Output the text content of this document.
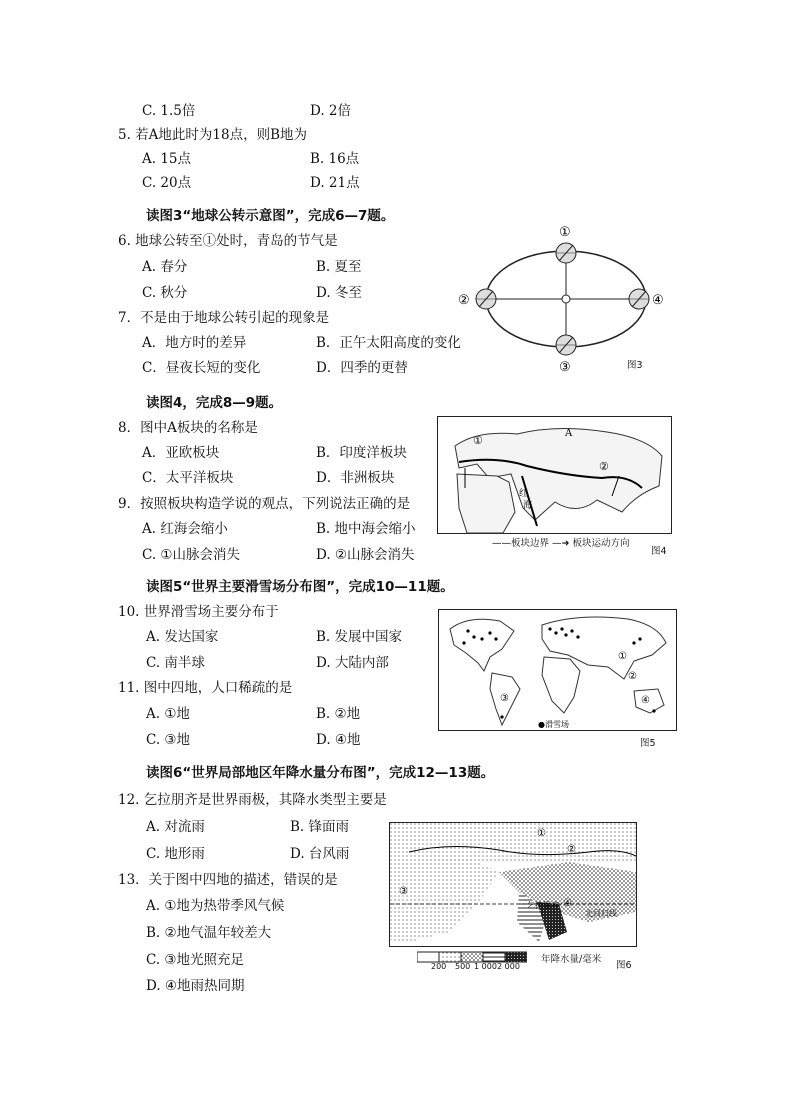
C. 1.5倍	D. 2倍
5. 若A地此时为18点，则B地为
A. 15点	B. 16点
C. 20点	D. 21点
读图3“地球公转示意图”，完成6—7题。
6. 地球公转至①处时，青岛的节气是
A. 春分	B. 夏至
C. 秋分	D. 冬至
7．不是由于地球公转引起的现象是
A．地方时的差异	B．正午太阳高度的变化
C．昼夜长短的变化	D．四季的更替
①
②
③
④
图3
读图4，完成8—9题。
8．图中A板块的名称是
A．亚欧板块	B．印度洋板块
C．太平洋板块	D．非洲板块
9．按照板块构造学说的观点，下列说法正确的是
A. 红海会缩小	B. 地中海会缩小
C. ①山脉会消失	D. ②山脉会消失
A
①
②
红
海
——板块边界 —➜ 板块运动方向
图4
读图5“世界主要滑雪场分布图”，完成10—11题。
10. 世界滑雪场主要分布于
A. 发达国家	B. 发展中国家
C. 南半球	D. 大陆内部
11. 图中四地，人口稀疏的是
A. ①地	B. ②地
C. ③地	D. ④地
①
②
③	④
●滑雪场
图5
读图6“世界局部地区年降水量分布图”，完成12—13题。
12. 乞拉朋齐是世界雨极，其降水类型主要是
A. 对流雨	B. 锋面雨
C. 地形雨	D. 台风雨
13．关于图中四地的描述，错误的是
A. ①地为热带季风气候
B. ②地气温年较差大
C. ③地光照充足
D. ④地雨热同期
北回归线
乞拉朋齐
①
②
③
④
200 500 1 000 2 000
年降水量/毫米
图6
